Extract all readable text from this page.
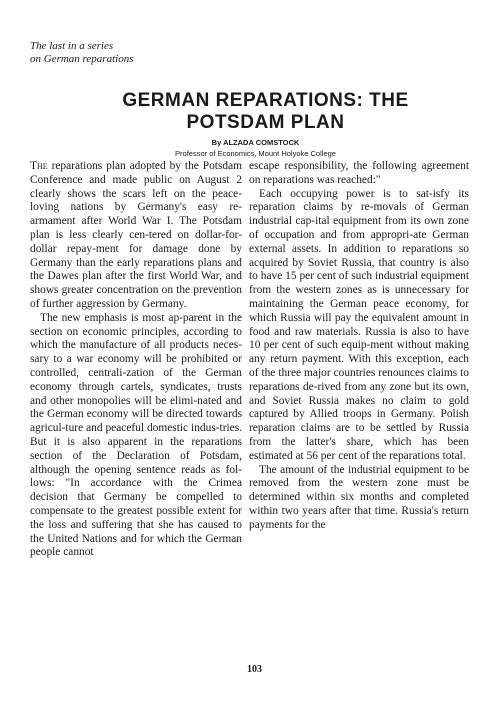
The last in a series
on German reparations
GERMAN REPARATIONS: THE
POTSDAM PLAN
By ALZADA COMSTOCK
Professor of Economics, Mount Holyoke College

The reparations plan adopted by the Potsdam Conference and made public on August 2 clearly shows the scars left on the peace-loving nations by Germany's easy re-armament after World War I. The Potsdam plan is less clearly cen-tered on dollar-for-dollar repay-ment for damage done by Germany than the early reparations plans and the Dawes plan after the first World War, and shows greater concentration on the prevention of further aggression by Germany.

The new emphasis is most ap-parent in the section on economic principles, according to which the manufacture of all products neces-sary to a war economy will be prohibited or controlled, centrali-zation of the German economy through cartels, syndicates, trusts and other monopolies will be elimi-nated and the German economy will be directed towards agricul-ture and peaceful domestic indus-tries. But it is also apparent in the reparations section of the Declaration of Potsdam, although the opening sentence reads as fol-lows: "In accordance with the Crimea decision that Germany be compelled to compensate to the greatest possible extent for the loss and suffering that she has caused to the United Nations and for which the German people cannot

escape responsibility, the following agreement on reparations was reached:"

Each occupying power is to sat-isfy its reparation claims by re-movals of German industrial cap-ital equipment from its own zone of occupation and from appropri-ate German external assets. In addition to reparations so acquired by Soviet Russia, that country is also to have 15 per cent of such industrial equipment from the western zones as is unnecessary for maintaining the German peace economy, for which Russia will pay the equivalent amount in food and raw materials. Russia is also to have 10 per cent of such equip-ment without making any return payment. With this exception, each of the three major countries renounces claims to reparations de-rived from any zone but its own, and Soviet Russia makes no claim to gold captured by Allied troops in Germany. Polish reparation claims are to be settled by Russia from the latter's share, which has been estimated at 56 per cent of the reparations total.

The amount of the industrial equipment to be removed from the western zone must be determined within six months and completed within two years after that time. Russia's return payments for the

103
